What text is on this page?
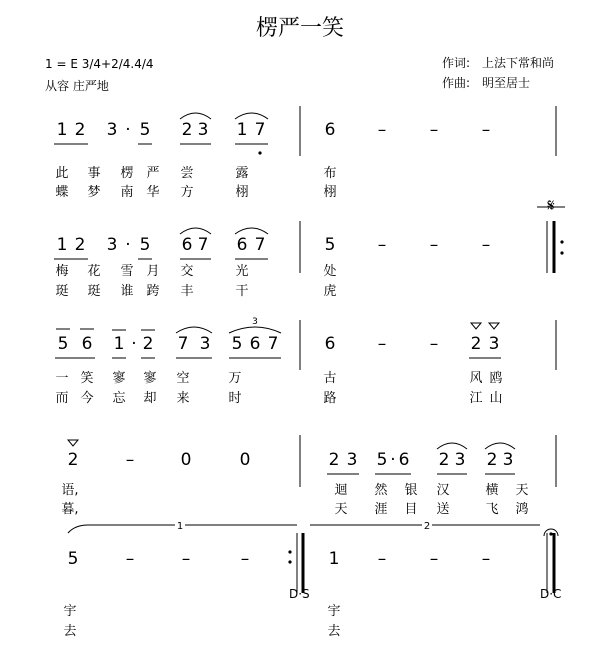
楞严一笑
1 = E 3/4+2/4.4/4
从容 庄严地
作词: 上法下常和尚
作曲: 明至居士
3
1	2
1 2 3 5 2 3 1 7	6
·	–	–	–
此 事 楞 严 尝	露	布
蝶 梦 南 华 方	栩	栩
1 2 3 5 6 7 6 7	5
·	–	–	–
𝄋
梅 花 雪 月 交	光	处
珽 珽 谁 跨 丰	干	虎
5 6 1 2 7 3 5 6 7	6	2 3
·	–	–
一 笑 寥 寥 空	万	古	风 鸥
而 今 忘 却 来	时	路	江 山
2	0	0	2 3 5 6 2 3 2 3
·
–
语,	迴 然 银 汉	横 天
暮,	天 涯 目 送	飞 鸿
5	1
–	–	–	–	–	–
D·S	D·C
宇	宇
去	去
